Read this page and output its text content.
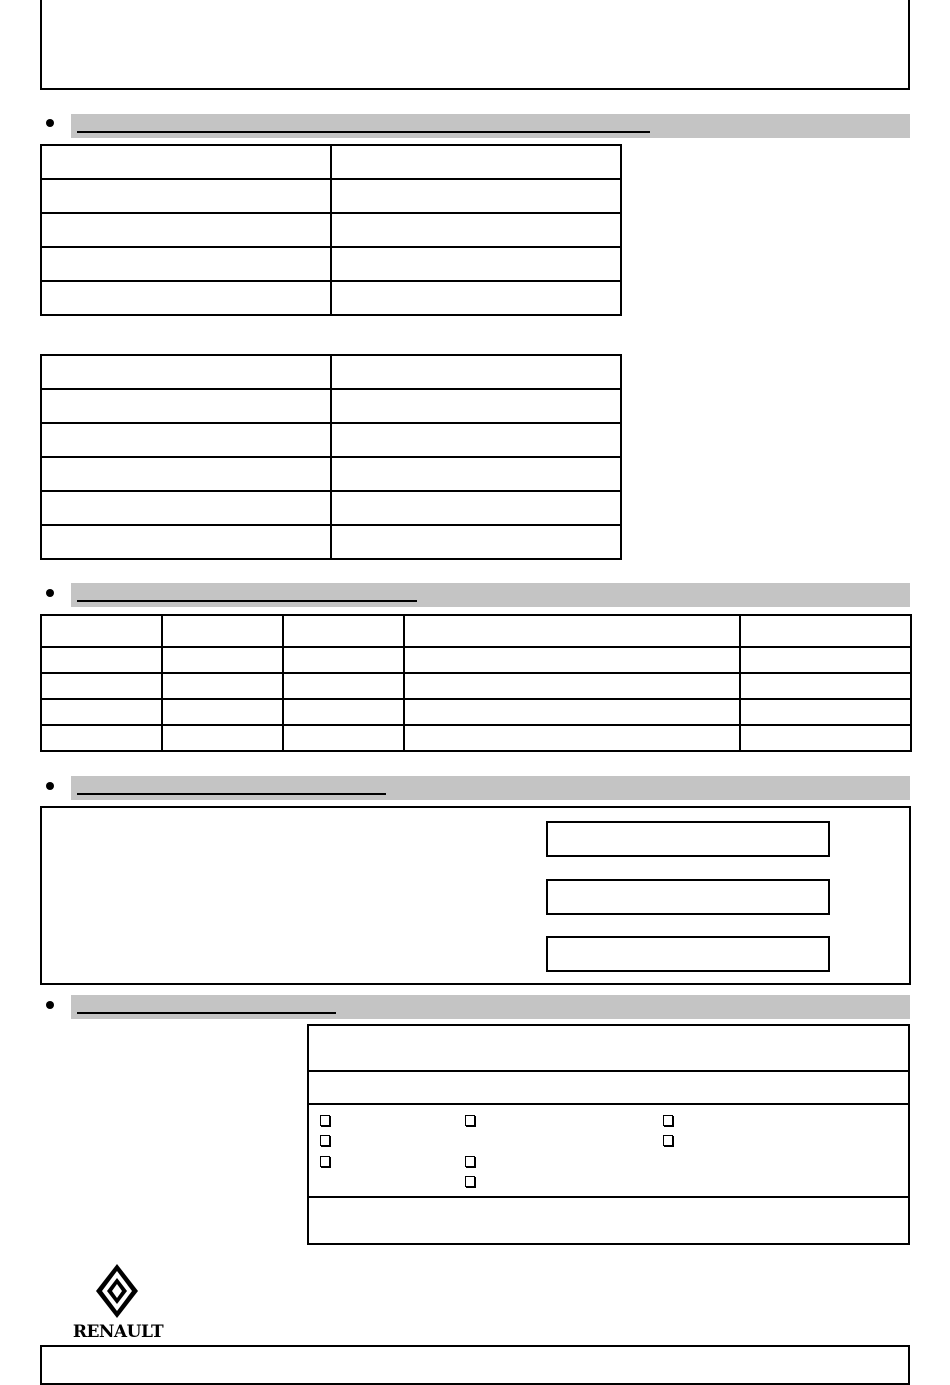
RENAULT
